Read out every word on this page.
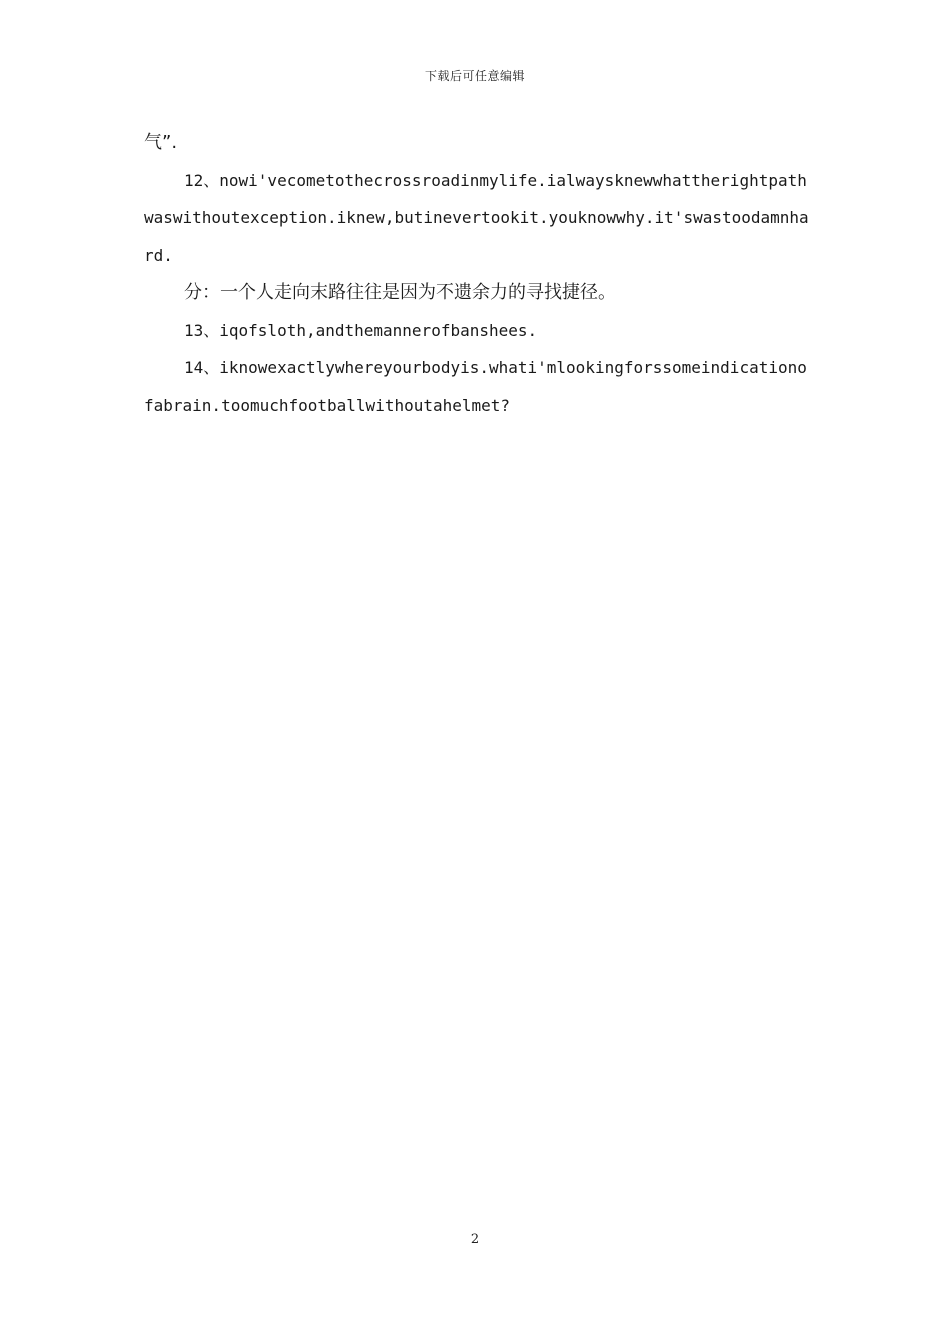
下载后可任意编辑
气”.
12、nowi'vecometothecrossroadinmylife.ialwaysknewwhattherightpath
waswithoutexception.iknew,butinevertookit.youknowwhy.it'swastoodamnha
rd.
分：一个人走向末路往往是因为不遗余力的寻找捷径。
13、iqofsloth,andthemannerofbanshees.
14、iknowexactlywhereyourbodyis.whati'mlookingforssomeindicationo
fabrain.toomuchfootballwithoutahelmet?
2
